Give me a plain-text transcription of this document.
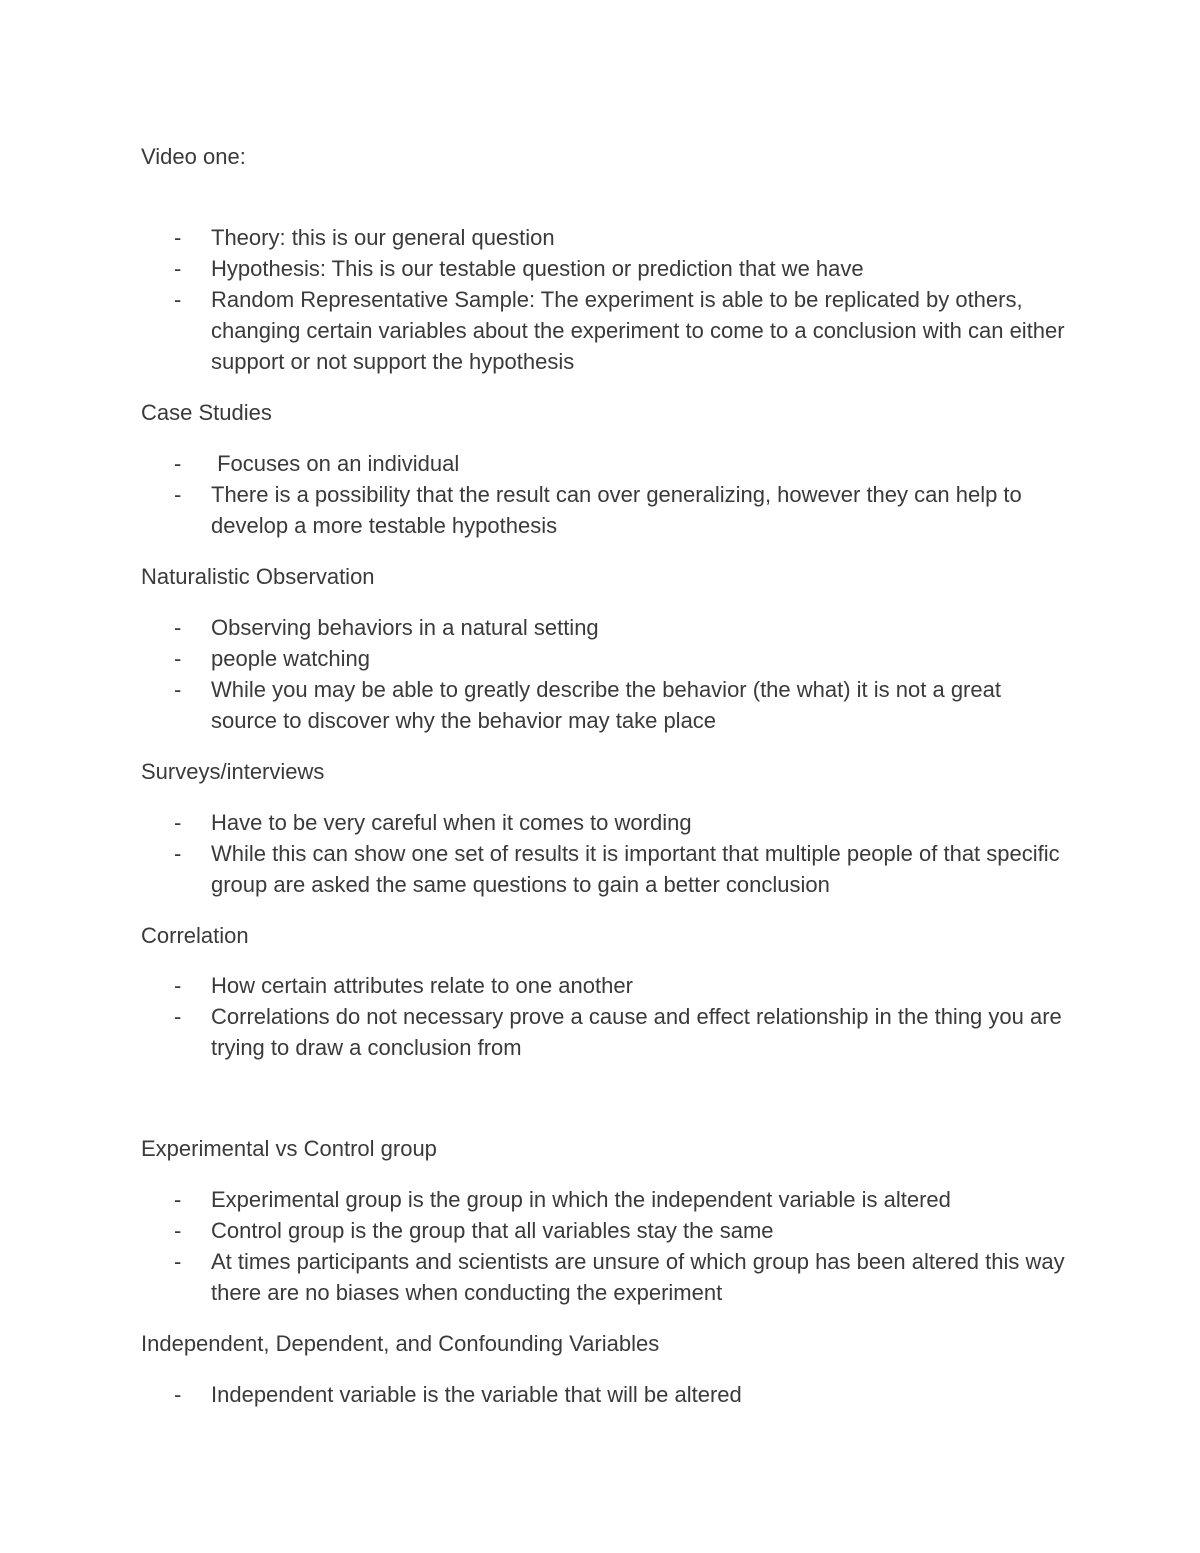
Video one:
- Theory: this is our general question
- Hypothesis: This is our testable question or prediction that we have
- Random Representative Sample: The experiment is able to be replicated by others, changing certain variables about the experiment to come to a conclusion with can either support or not support the hypothesis
Case Studies
- Focuses on an individual
- There is a possibility that the result can over generalizing, however they can help to develop a more testable hypothesis
Naturalistic Observation
- Observing behaviors in a natural setting
- people watching
- While you may be able to greatly describe the behavior (the what) it is not a great source to discover why the behavior may take place
Surveys/interviews
- Have to be very careful when it comes to wording
- While this can show one set of results it is important that multiple people of that specific group are asked the same questions to gain a better conclusion
Correlation
- How certain attributes relate to one another
- Correlations do not necessary prove a cause and effect relationship in the thing you are trying to draw a conclusion from
Experimental vs Control group
- Experimental group is the group in which the independent variable is altered
- Control group is the group that all variables stay the same
- At times participants and scientists are unsure of which group has been altered this way there are no biases when conducting the experiment
Independent, Dependent, and Confounding Variables
- Independent variable is the variable that will be altered
